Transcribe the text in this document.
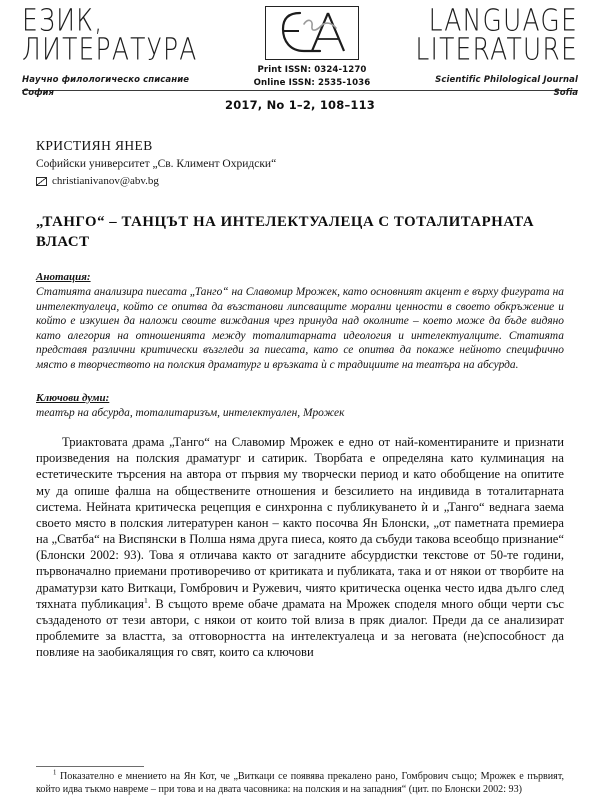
ЕЗИК,
ЛИТЕРАТУРА
Научно филологическо списание
София
Print ISSN: 0324-1270
Online ISSN: 2535-1036
LANGUAGE
LITERATURE
Scientific Philological Journal
Sofia
2017, No 1–2, 108–113
КРИСТИЯН ЯНЕВ
Софийски университет „Св. Климент Охридски“
christianivanov@abv.bg
„ТАНГО“ – ТАНЦЪТ НА ИНТЕЛЕКТУАЛЕЦА С ТОТАЛИТАРНАТА ВЛАСТ
Анотация:
Статията анализира пиесата „Танго“ на Славомир Мрожек, като основният акцент е върху фигурата на интелектуалеца, който се опитва да възстанови липсващите морални ценности в своето обкръжение и който е изкушен да наложи своите виждания чрез принуда над околните – което може да бъде видяно като алегория на отношенията между тоталитарната идеология и интелектуалците. Статията представя различни критически възгледи за пиесата, като се опитва да покаже нейното специфично място в творчеството на полския драматург и връзката ѝ с традициите на театъра на абсурда.
Ключови думи:
театър на абсурда, тоталитаризъм, интелектуален, Мрожек
Триактовата драма „Танго“ на Славомир Мрожек е едно от най-коментираните и признати произведения на полския драматург и сатирик. Творбата е определяна като кулминация на естетическите търсения на автора от първия му творчески период и като обобщение на опитите му да опише фалша на обществените отношения и безсилието на индивида в тоталитарната система. Нейната критическа рецепция е синхронна с публикуването ѝ и „Танго“ веднага заема своето място в полския литературен канон – както посочва Ян Блонски, „от паметната премиера на „Сватба“ на Виспянски в Полша няма друга пиеса, която да събуди такова всеобщо признание“ (Блонски 2002: 93). Това я отличава както от загадните абсурдистки текстове от 50-те години, първоначално приемани противоречиво от критиката и публиката, така и от някои от творбите на драматурзи като Виткаци, Гомбрович и Ружевич, чиято критическа оценка често идва дълго след тяхната публикация$^1$. В същото време обаче драмата на Мрожек споделя много общи черти със създаденото от тези автори, с някои от които той влиза в пряк диалог. Преди да се анализират проблемите за властта, за отговорността на интелектуалеца и за неговата (не)способност да повлияе на заобикалящия го свят, които са ключови
$^1$ Показателно е мнението на Ян Кот, че „Виткаци се появява прекалено рано, Гомбрович също; Мрожек е първият, който идва тъкмо навреме – при това и на двата часовника: на полския и на западния“ (цит. по Блонски 2002: 93)
